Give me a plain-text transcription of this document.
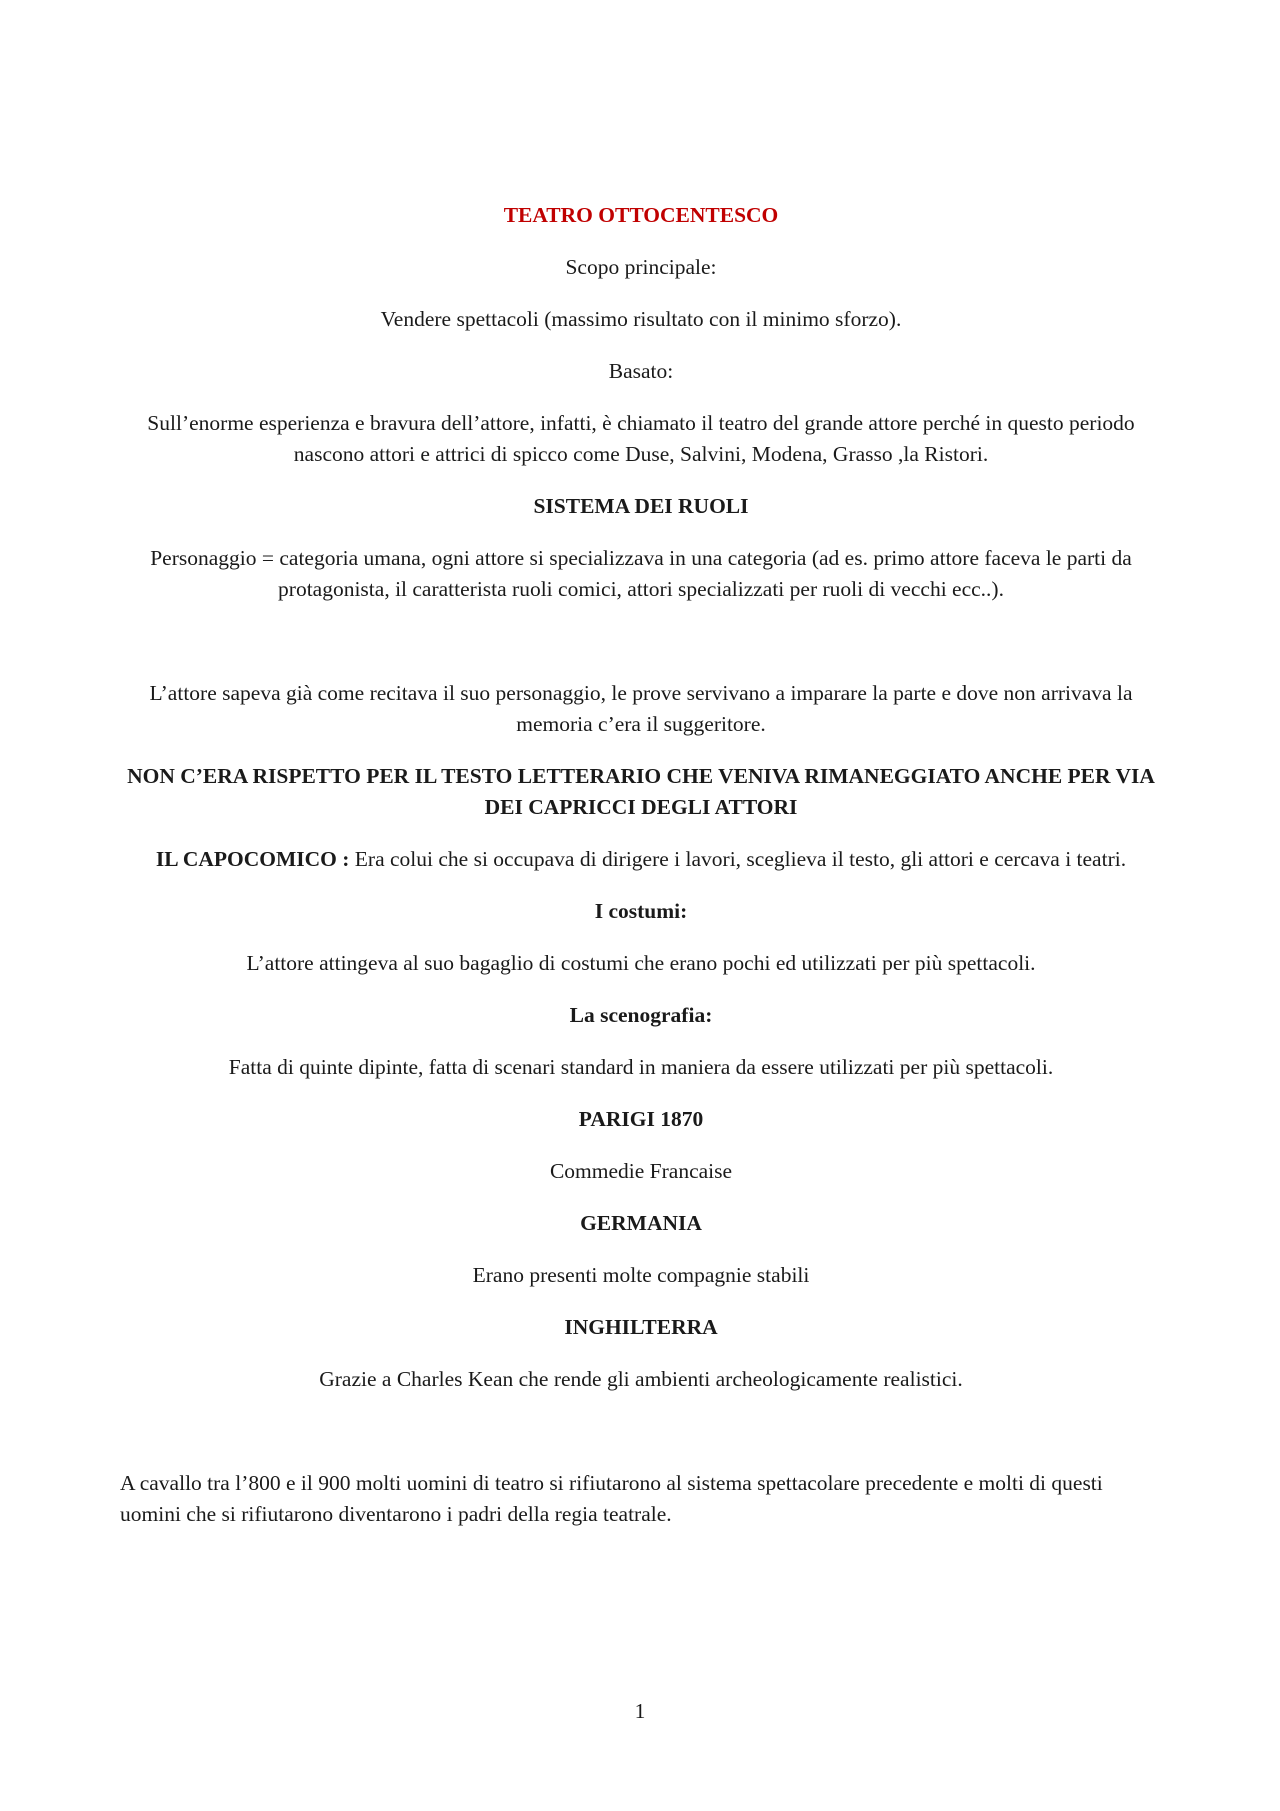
TEATRO OTTOCENTESCO

Scopo principale:

Vendere spettacoli (massimo risultato con il minimo sforzo).

Basato:

Sull’enorme esperienza e bravura dell’attore, infatti, è chiamato il teatro del grande attore perché in questo periodo nascono attori e attrici di spicco come Duse, Salvini, Modena, Grasso ,la Ristori.

SISTEMA DEI RUOLI

Personaggio = categoria umana, ogni attore si specializzava in una categoria (ad es. primo attore faceva le parti da protagonista, il caratterista ruoli comici, attori specializzati per ruoli di vecchi ecc..).

L’attore sapeva già come recitava il suo personaggio, le prove servivano a imparare la parte e dove non arrivava la memoria c’era il suggeritore.

NON C’ERA RISPETTO PER IL TESTO LETTERARIO CHE VENIVA RIMANEGGIATO ANCHE PER VIA DEI CAPRICCI DEGLI ATTORI

IL CAPOCOMICO : Era colui che si occupava di dirigere i lavori, sceglieva il testo, gli attori e cercava i teatri.

I costumi:

L’attore attingeva al suo bagaglio di costumi che erano pochi ed utilizzati per più spettacoli.

La scenografia:

Fatta di quinte dipinte, fatta di scenari standard in maniera da essere utilizzati per più spettacoli.

PARIGI 1870

Commedie Francaise

GERMANIA

Erano presenti molte compagnie stabili

INGHILTERRA

Grazie a Charles Kean che rende gli ambienti archeologicamente realistici.

A cavallo tra l’800 e il 900 molti uomini di teatro si rifiutarono al sistema spettacolare precedente e molti di questi uomini che si rifiutarono diventarono i padri della regia teatrale.

1
